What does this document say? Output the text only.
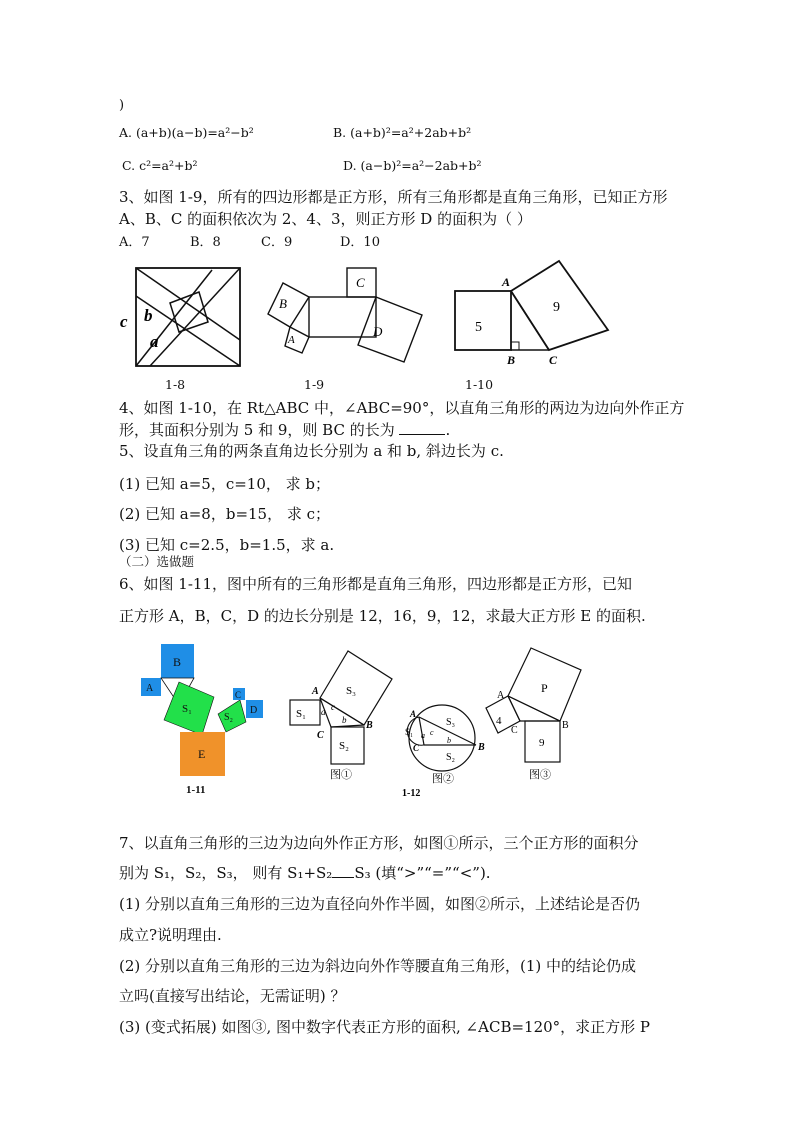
)
A. (a+b)(a−b)=a²−b²	B. (a+b)²=a²+2ab+b²
C. c²=a²+b²	D. (a−b)²=a²−2ab+b²
3、如图 1-9，所有的四边形都是正方形，所有三角形都是直角三角形，已知正方形
A、B、C 的面积依次为 2、4、3，则正方形 D 的面积为（ ）
A．7	B．8	C．9	D．10
c b
a
B
C
A
D	5
9
A
B	C
1-8	1-9	1-10
4、如图 1-10，在 Rt△ABC 中，∠ABC=90°，以直角三角形的两边为边向外作正方
形，其面积分别为 5 和 9，则 BC 的长为	.
5、设直角三角的两条直角边长分别为 a 和 b, 斜边长为 c.
(1) 已知 a=5，c=10， 求 b；
(2) 已知 a=8，b=15， 求 c；
(3) 已知 c=2.5，b=1.5，求 a.
（二）选做题
6、如图 1-11，图中所有的三角形都是直角三角形，四边形都是正方形，已知
正方形 A，B，C，D 的边长分别是 12，16，9，12，求最大正方形 E 的面积.
B
A
S₁
S₂
C
D
E
1-11
S₃
S₁
S₂
A
B
C
a c
b
图①
S₃
S₁
S₂
A
B
C
a c
b
图②
1-12
P
4
9
A
B
C
图③
7、以直角三角形的三边为边向外作正方形，如图①所示，三个正方形的面积分
别为 S₁，S₂，S₃， 则有 S₁+S₂ S₃ (填“>”“=”“<”).
(1) 分别以直角三角形的三边为直径向外作半圆，如图②所示，上述结论是否仍
成立?说明理由.
(2) 分别以直角三角形的三边为斜边向外作等腰直角三角形，(1) 中的结论仍成
立吗(直接写出结论，无需证明) ？
(3) (变式拓展) 如图③, 图中数字代表正方形的面积, ∠ACB=120°，求正方形 P
